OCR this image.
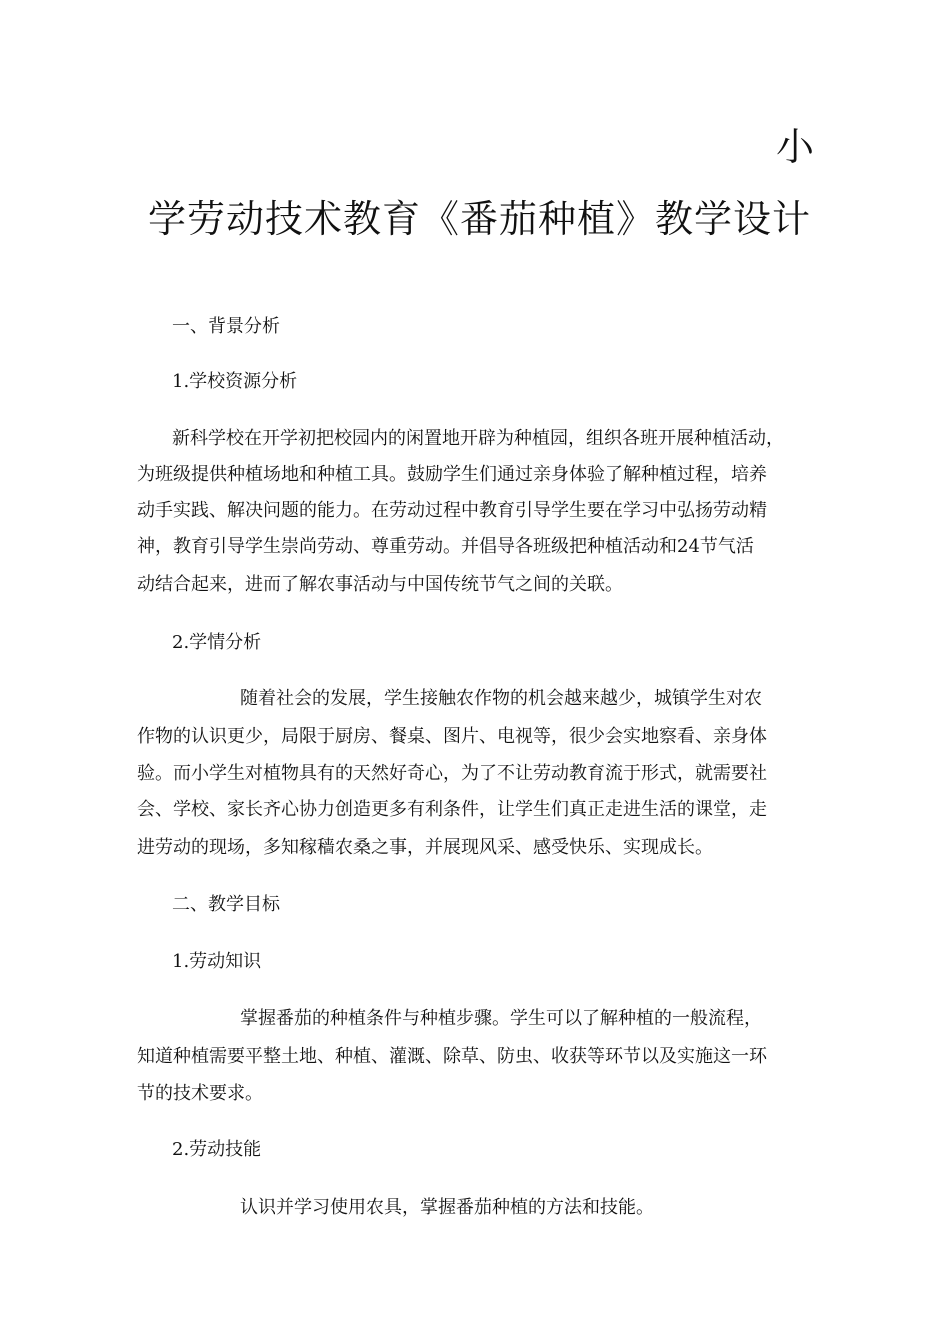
小
学劳动技术教育《番茄种植》教学设计

一、背景分析

1.学校资源分析

新科学校在开学初把校园内的闲置地开辟为种植园，组织各班开展种植活动，

为班级提供种植场地和种植工具。鼓励学生们通过亲身体验了解种植过程，培养

动手实践、解决问题的能力。在劳动过程中教育引导学生要在学习中弘扬劳动精

神，教育引导学生崇尚劳动、尊重劳动。并倡导各班级把种植活动和24节气活

动结合起来，进而了解农事活动与中国传统节气之间的关联。

2.学情分析

随着社会的发展，学生接触农作物的机会越来越少，城镇学生对农

作物的认识更少，局限于厨房、餐桌、图片、电视等，很少会实地察看、亲身体

验。而小学生对植物具有的天然好奇心，为了不让劳动教育流于形式，就需要社

会、学校、家长齐心协力创造更多有利条件，让学生们真正走进生活的课堂，走

进劳动的现场，多知稼穑农桑之事，并展现风采、感受快乐、实现成长。

二、教学目标

1.劳动知识

掌握番茄的种植条件与种植步骤。学生可以了解种植的一般流程，

知道种植需要平整土地、种植、灌溉、除草、防虫、收获等环节以及实施这一环

节的技术要求。

2.劳动技能

认识并学习使用农具，掌握番茄种植的方法和技能。
